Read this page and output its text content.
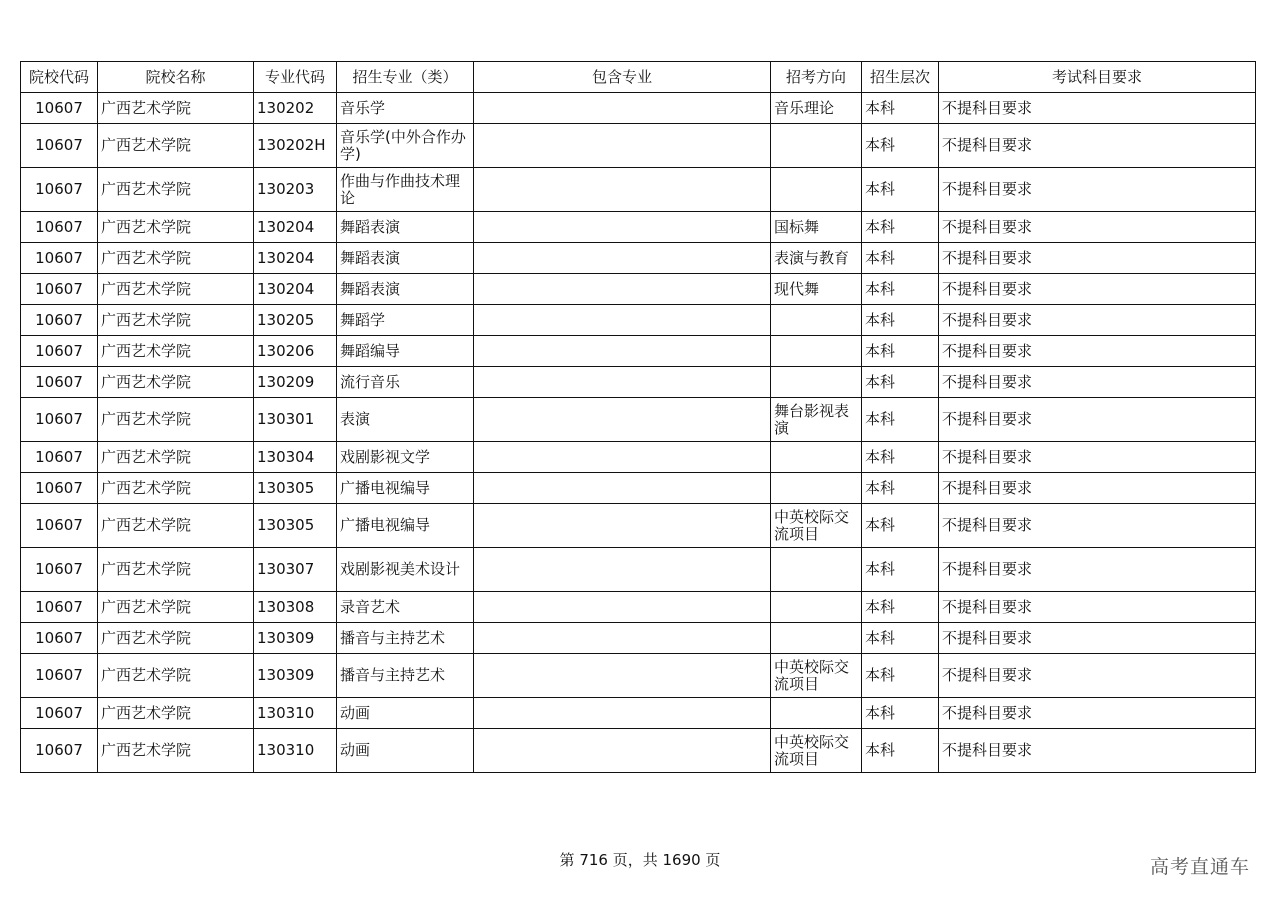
院校代码	院校名称	专业代码	招生专业（类）	包含专业	招考方向	招生层次	考试科目要求
10607	广西艺术学院	130202	音乐学		音乐理论	本科	不提科目要求
10607	广西艺术学院	130202H	音乐学(中外合作办学)			本科	不提科目要求
10607	广西艺术学院	130203	作曲与作曲技术理论			本科	不提科目要求
10607	广西艺术学院	130204	舞蹈表演		国标舞	本科	不提科目要求
10607	广西艺术学院	130204	舞蹈表演		表演与教育	本科	不提科目要求
10607	广西艺术学院	130204	舞蹈表演		现代舞	本科	不提科目要求
10607	广西艺术学院	130205	舞蹈学			本科	不提科目要求
10607	广西艺术学院	130206	舞蹈编导			本科	不提科目要求
10607	广西艺术学院	130209	流行音乐			本科	不提科目要求
10607	广西艺术学院	130301	表演		舞台影视表演	本科	不提科目要求
10607	广西艺术学院	130304	戏剧影视文学			本科	不提科目要求
10607	广西艺术学院	130305	广播电视编导			本科	不提科目要求
10607	广西艺术学院	130305	广播电视编导		中英校际交流项目	本科	不提科目要求
10607	广西艺术学院	130307	戏剧影视美术设计			本科	不提科目要求
10607	广西艺术学院	130308	录音艺术			本科	不提科目要求
10607	广西艺术学院	130309	播音与主持艺术			本科	不提科目要求
10607	广西艺术学院	130309	播音与主持艺术		中英校际交流项目	本科	不提科目要求
10607	广西艺术学院	130310	动画			本科	不提科目要求
10607	广西艺术学院	130310	动画		中英校际交流项目	本科	不提科目要求
第 716 页，共 1690 页	高考直通车
